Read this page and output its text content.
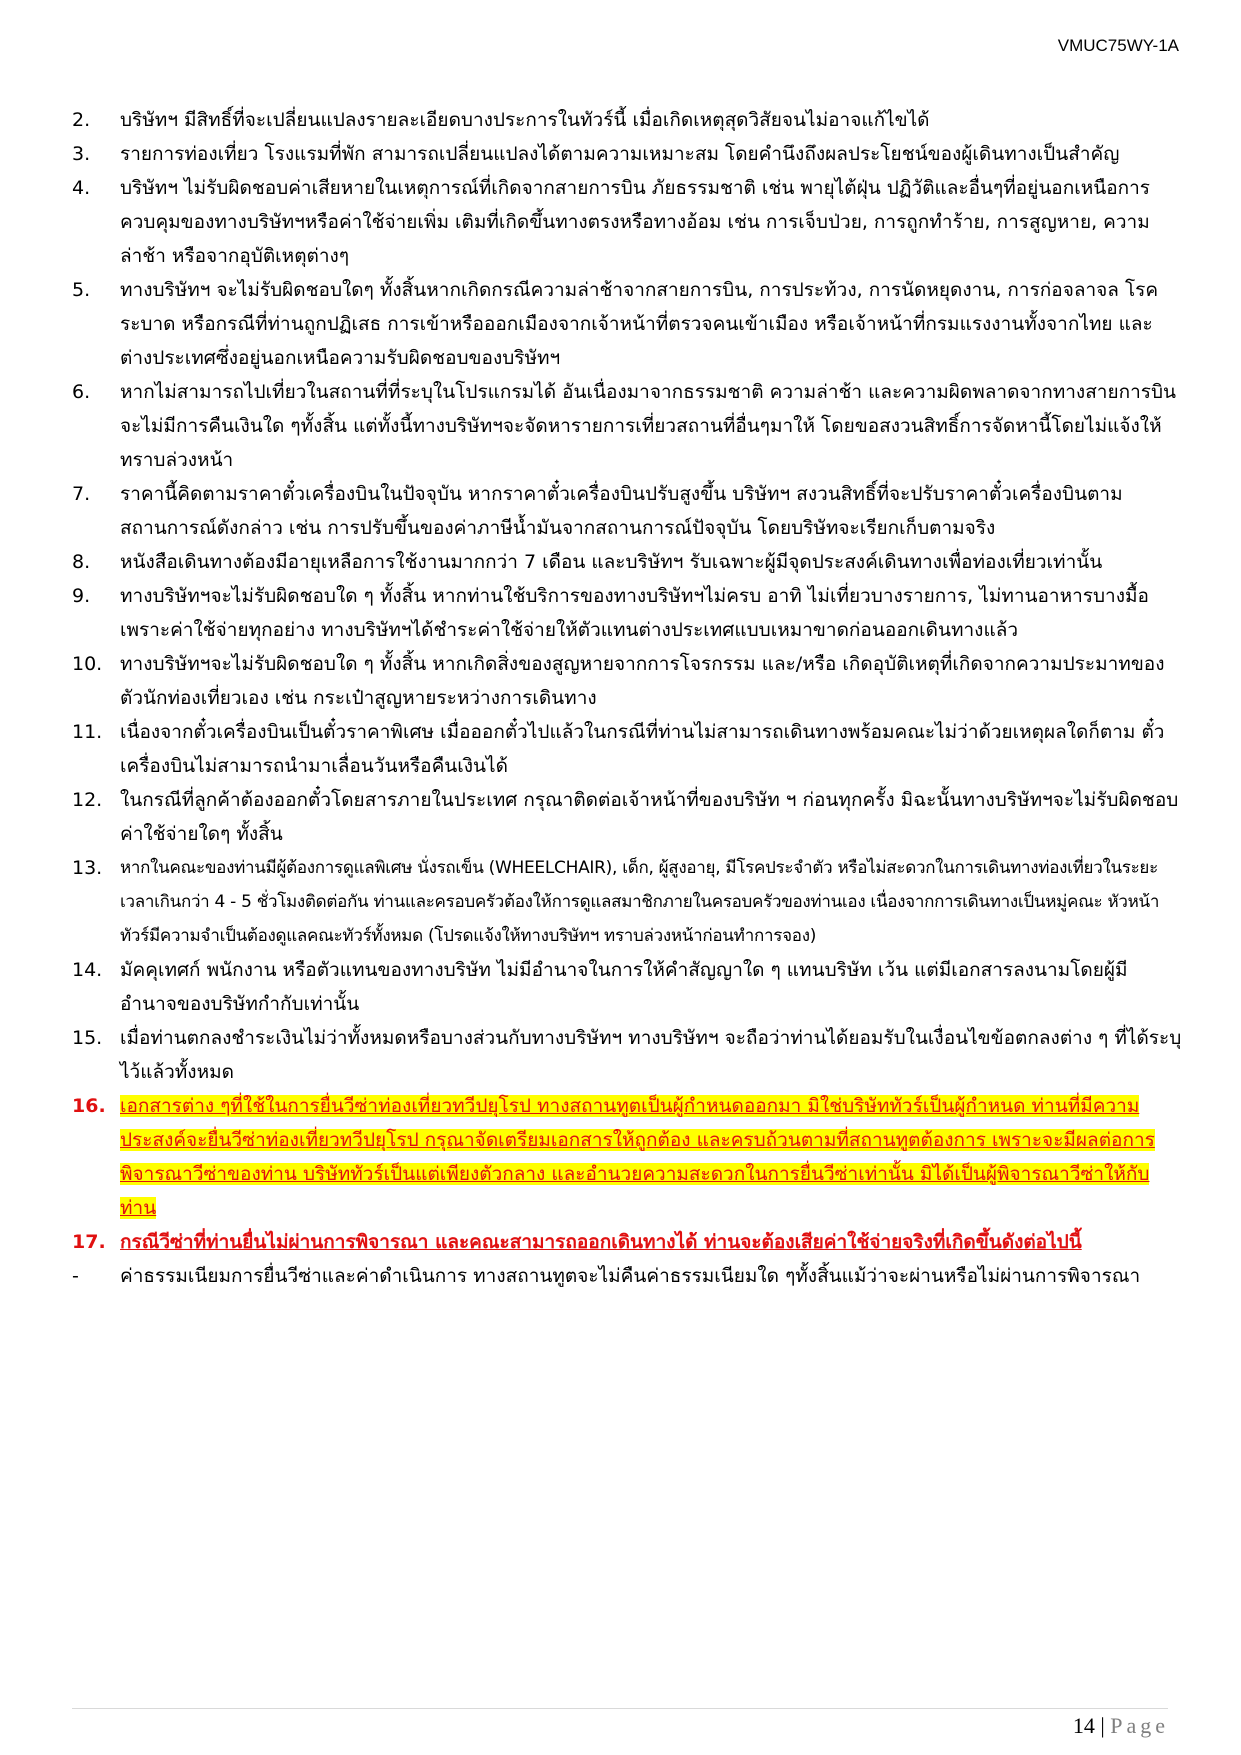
VMUC75WY-1A
2.	บริษัทฯ มีสิทธิ์ที่จะเปลี่ยนแปลงรายละเอียดบางประการในทัวร์นี้ เมื่อเกิดเหตุสุดวิสัยจนไม่อาจแก้ไขได้
3.	รายการท่องเที่ยว โรงแรมที่พัก สามารถเปลี่ยนแปลงได้ตามความเหมาะสม โดยคำนึงถึงผลประโยชน์ของผู้เดินทางเป็นสำคัญ
4.	บริษัทฯ ไม่รับผิดชอบค่าเสียหายในเหตุการณ์ที่เกิดจากสายการบิน ภัยธรรมชาติ เช่น พายุไต้ฝุ่น ปฏิวัติและอื่นๆที่อยู่นอกเหนือการควบคุมของทางบริษัทฯหรือค่าใช้จ่ายเพิ่ม เติมที่เกิดขึ้นทางตรงหรือทางอ้อม เช่น การเจ็บป่วย, การถูกทำร้าย, การสูญหาย, ความล่าช้า หรือจากอุบัติเหตุต่างๆ
5.	ทางบริษัทฯ จะไม่รับผิดชอบใดๆ ทั้งสิ้นหากเกิดกรณีความล่าช้าจากสายการบิน, การประท้วง, การนัดหยุดงาน, การก่อจลาจล โรคระบาด หรือกรณีที่ท่านถูกปฏิเสธ การเข้าหรือออกเมืองจากเจ้าหน้าที่ตรวจคนเข้าเมือง หรือเจ้าหน้าที่กรมแรงงานทั้งจากไทย และต่างประเทศซึ่งอยู่นอกเหนือความรับผิดชอบของบริษัทฯ
6.	หากไม่สามารถไปเที่ยวในสถานที่ที่ระบุในโปรแกรมได้ อันเนื่องมาจากธรรมชาติ ความล่าช้า และความผิดพลาดจากทางสายการบิน จะไม่มีการคืนเงินใด ๆทั้งสิ้น แต่ทั้งนี้ทางบริษัทฯจะจัดหารายการเที่ยวสถานที่อื่นๆมาให้ โดยขอสงวนสิทธิ์การจัดหานี้โดยไม่แจ้งให้ทราบล่วงหน้า
7.	ราคานี้คิดตามราคาตั๋วเครื่องบินในปัจจุบัน หากราคาตั๋วเครื่องบินปรับสูงขึ้น บริษัทฯ สงวนสิทธิ์ที่จะปรับราคาตั๋วเครื่องบินตามสถานการณ์ดังกล่าว เช่น การปรับขึ้นของค่าภาษีน้ำมันจากสถานการณ์ปัจจุบัน โดยบริษัทจะเรียกเก็บตามจริง
8.	หนังสือเดินทางต้องมีอายุเหลือการใช้งานมากกว่า 7 เดือน และบริษัทฯ รับเฉพาะผู้มีจุดประสงค์เดินทางเพื่อท่องเที่ยวเท่านั้น
9.	ทางบริษัทฯจะไม่รับผิดชอบใด ๆ ทั้งสิ้น หากท่านใช้บริการของทางบริษัทฯไม่ครบ อาทิ ไม่เที่ยวบางรายการ, ไม่ทานอาหารบางมื้อ เพราะค่าใช้จ่ายทุกอย่าง ทางบริษัทฯได้ชำระค่าใช้จ่ายให้ตัวแทนต่างประเทศแบบเหมาขาดก่อนออกเดินทางแล้ว
10. ทางบริษัทฯจะไม่รับผิดชอบใด ๆ ทั้งสิ้น หากเกิดสิ่งของสูญหายจากการโจรกรรม และ/หรือ เกิดอุบัติเหตุที่เกิดจากความประมาทของตัวนักท่องเที่ยวเอง เช่น กระเป๋าสูญหายระหว่างการเดินทาง
11. เนื่องจากตั๋วเครื่องบินเป็นตั๋วราคาพิเศษ เมื่อออกตั๋วไปแล้วในกรณีที่ท่านไม่สามารถเดินทางพร้อมคณะไม่ว่าด้วยเหตุผลใดก็ตาม ตั๋วเครื่องบินไม่สามารถนำมาเลื่อนวันหรือคืนเงินได้
12. ในกรณีที่ลูกค้าต้องออกตั๋วโดยสารภายในประเทศ กรุณาติดต่อเจ้าหน้าที่ของบริษัท ฯ ก่อนทุกครั้ง มิฉะนั้นทางบริษัทฯจะไม่รับผิดชอบค่าใช้จ่ายใดๆ ทั้งสิ้น
13.	หากในคณะของท่านมีผู้ต้องการดูแลพิเศษ นั่งรถเข็น (WHEELCHAIR), เด็ก, ผู้สูงอายุ, มีโรคประจำตัว หรือไม่สะดวกในการเดินทางท่องเที่ยวในระยะเวลาเกินกว่า 4 - 5 ชั่วโมงติดต่อกัน ท่านและครอบครัวต้องให้การดูแลสมาชิกภายในครอบครัวของท่านเอง เนื่องจากการเดินทางเป็นหมู่คณะ หัวหน้าทัวร์มีความจำเป็นต้องดูแลคณะทัวร์ทั้งหมด (โปรดแจ้งให้ทางบริษัทฯ ทราบล่วงหน้าก่อนทำการจอง)
14. มัคคุเทศก์ พนักงาน หรือตัวแทนของทางบริษัท ไม่มีอำนาจในการให้คำสัญญาใด ๆ แทนบริษัท เว้น แต่มีเอกสารลงนามโดยผู้มีอำนาจของบริษัทกำกับเท่านั้น
15. เมื่อท่านตกลงชำระเงินไม่ว่าทั้งหมดหรือบางส่วนกับทางบริษัทฯ ทางบริษัทฯ จะถือว่าท่านได้ยอมรับในเงื่อนไขข้อตกลงต่าง ๆ ที่ได้ระบุไว้แล้วทั้งหมด
16. เอกสารต่าง ๆที่ใช้ในการยื่นวีซ่าท่องเที่ยวทวีปยุโรป ทางสถานทูตเป็นผู้กำหนดออกมา มิใช่บริษัททัวร์เป็นผู้กำหนด ท่านที่มีความประสงค์จะยื่นวีซ่าท่องเที่ยวทวีปยุโรป กรุณาจัดเตรียมเอกสารให้ถูกต้อง และครบถ้วนตามที่สถานทูตต้องการ เพราะจะมีผลต่อการพิจารณาวีซ่าของท่าน บริษัททัวร์เป็นแต่เพียงตัวกลาง และอำนวยความสะดวกในการยื่นวีซ่าเท่านั้น มิได้เป็นผู้พิจารณาวีซ่าให้กับท่าน
17. กรณีวีซ่าที่ท่านยื่นไม่ผ่านการพิจารณา และคณะสามารถออกเดินทางได้ ท่านจะต้องเสียค่าใช้จ่ายจริงที่เกิดขึ้นดังต่อไปนี้
-	ค่าธรรมเนียมการยื่นวีซ่าและค่าดำเนินการ ทางสถานทูตจะไม่คืนค่าธรรมเนียมใด ๆทั้งสิ้นแม้ว่าจะผ่านหรือไม่ผ่านการพิจารณา
14 | Page
